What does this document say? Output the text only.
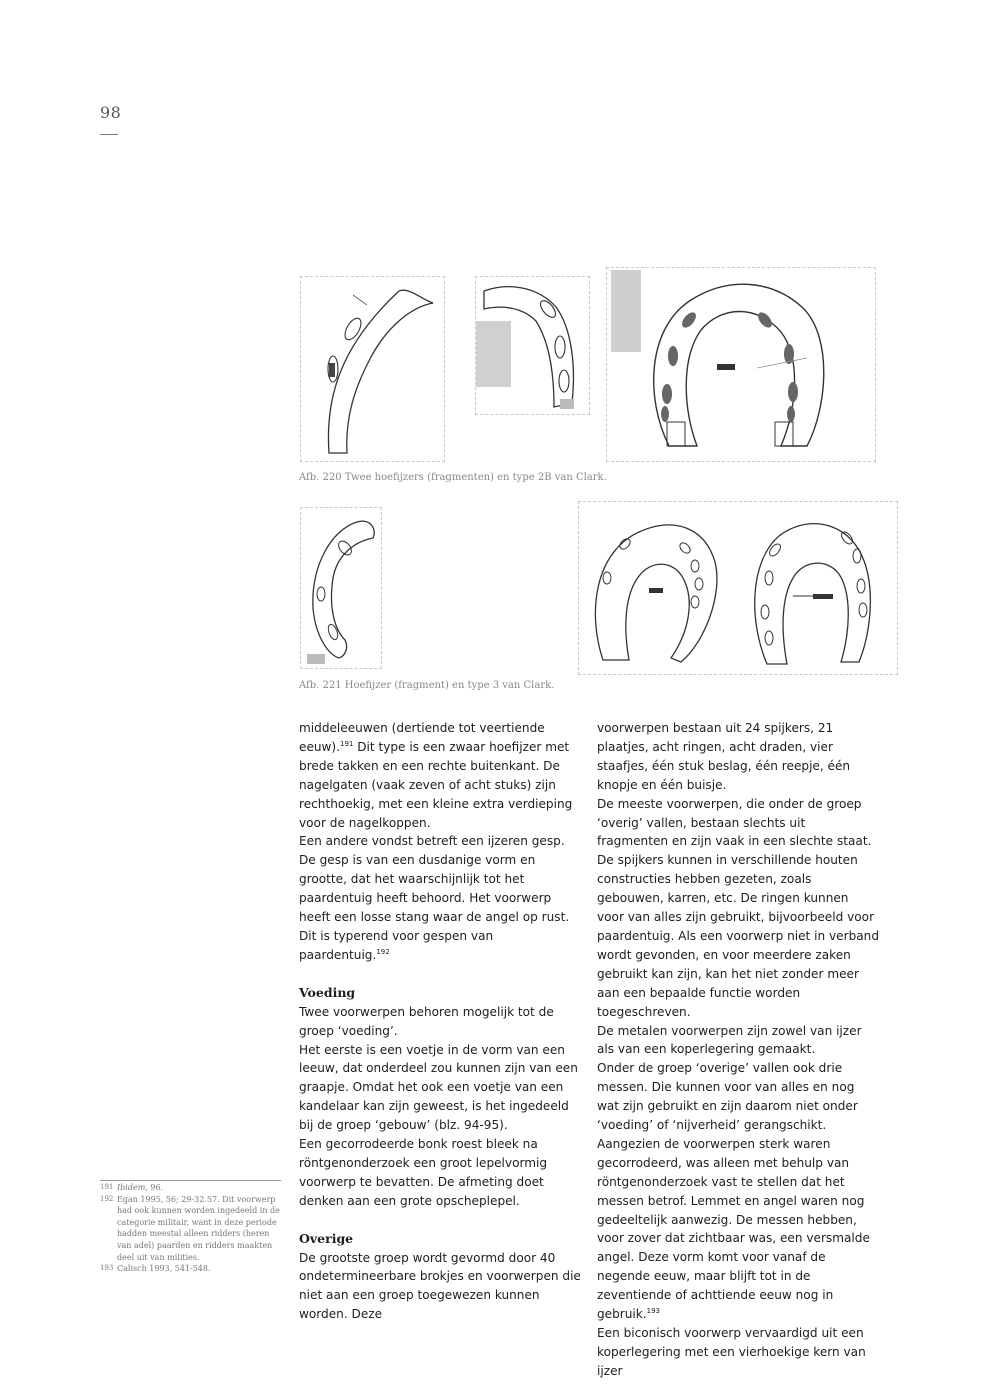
98
Afb. 220 Twee hoefijzers (fragmenten) en type 2B van Clark.
Afb. 221 Hoefijzer (fragment) en type 3 van Clark.

middeleeuwen (dertiende tot veertiende eeuw).$^{191}$ Dit type is een zwaar hoefijzer met brede takken en een rechte buitenkant. De nagelgaten (vaak zeven of acht stuks) zijn rechthoekig, met een kleine extra verdieping voor de nagelkoppen.

Een andere vondst betreft een ijzeren gesp. De gesp is van een dusdanige vorm en grootte, dat het waarschijnlijk tot het paardentuig heeft behoord. Het voorwerp heeft een losse stang waar de angel op rust. Dit is typerend voor gespen van paardentuig.$^{192}$

Voeding

Twee voorwerpen behoren mogelijk tot de groep ‘voeding’.

Het eerste is een voetje in de vorm van een leeuw, dat onderdeel zou kunnen zijn van een graapje. Omdat het ook een voetje van een kandelaar kan zijn geweest, is het ingedeeld bij de groep ‘gebouw’ (blz. 94-95).

Een gecorrodeerde bonk roest bleek na röntgenonderzoek een groot lepelvormig voorwerp te bevatten. De afmeting doet denken aan een grote opscheplepel.

Overige

De grootste groep wordt gevormd door 40 ondetermineerbare brokjes en voorwerpen die niet aan een groep toegewezen kunnen worden. Deze

voorwerpen bestaan uit 24 spijkers, 21 plaatjes, acht ringen, acht draden, vier staafjes, één stuk beslag, één reepje, één knopje en één buisje.

De meeste voorwerpen, die onder de groep ‘overig’ vallen, bestaan slechts uit fragmenten en zijn vaak in een slechte staat.

De spijkers kunnen in verschillende houten constructies hebben gezeten, zoals gebouwen, karren, etc. De ringen kunnen voor van alles zijn gebruikt, bijvoorbeeld voor paardentuig. Als een voorwerp niet in verband wordt gevonden, en voor meerdere zaken gebruikt kan zijn, kan het niet zonder meer aan een bepaalde functie worden toegeschreven.

De metalen voorwerpen zijn zowel van ijzer als van een koperlegering gemaakt.

Onder de groep ‘overige’ vallen ook drie messen. Die kunnen voor van alles en nog wat zijn gebruikt en zijn daarom niet onder ‘voeding’ of ‘nijverheid’ gerangschikt. Aangezien de voorwerpen sterk waren gecorrodeerd, was alleen met behulp van röntgenonderzoek vast te stellen dat het messen betrof. Lemmet en angel waren nog gedeeltelijk aanwezig. De messen hebben, voor zover dat zichtbaar was, een versmalde angel. Deze vorm komt voor vanaf de negende eeuw, maar blijft tot in de zeventiende of achttiende eeuw nog in gebruik.$^{193}$

Een biconisch voorwerp vervaardigd uit een koperlegering met een vierhoekige kern van ijzer

191 Ibidem, 96.
192 Egan 1995, 56; 29-32.57. Dit voorwerp had ook kunnen worden ingedeeld in de categorie militair, want in deze periode hadden meestal alleen ridders (heren van adel) paarden en ridders maakten deel uit van milities.
193 Calisch 1993, 541-548.
